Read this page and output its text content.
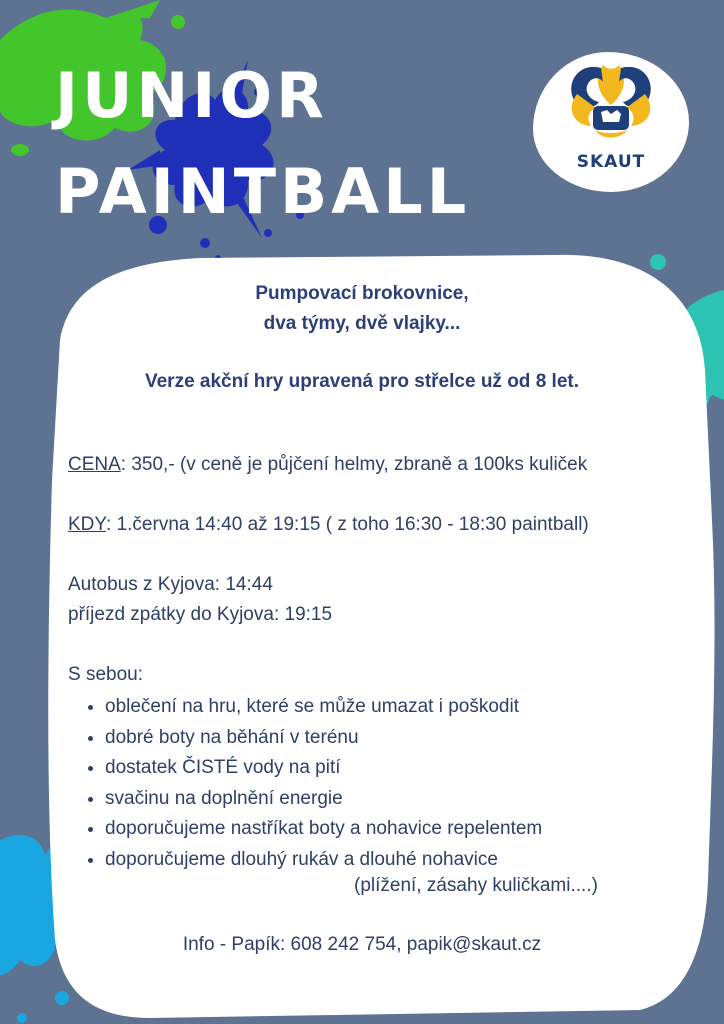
JUNIOR
PAINTBALL	SKAUT
Pumpovací brokovnice,
dva týmy, dvě vlajky...
Verze akční hry upravená pro střelce už od 8 let.
CENA: 350,- (v ceně je půjčení helmy, zbraně a 100ks kuliček
KDY: 1.června 14:40 až 19:15 ( z toho 16:30 - 18:30 paintball)
Autobus z Kyjova: 14:44
příjezd zpátky do Kyjova: 19:15
S sebou:
• oblečení na hru, které se může umazat i poškodit
• dobré boty na běhání v terénu
• dostatek ČISTÉ vody na pití
• svačinu na doplnění energie
• doporučujeme nastříkat boty a nohavice repelentem
• doporučujeme dlouhý rukáv a dlouhé nohavice
(plížení, zásahy kuličkami....)
Info - Papík: 608 242 754, papik@skaut.cz
